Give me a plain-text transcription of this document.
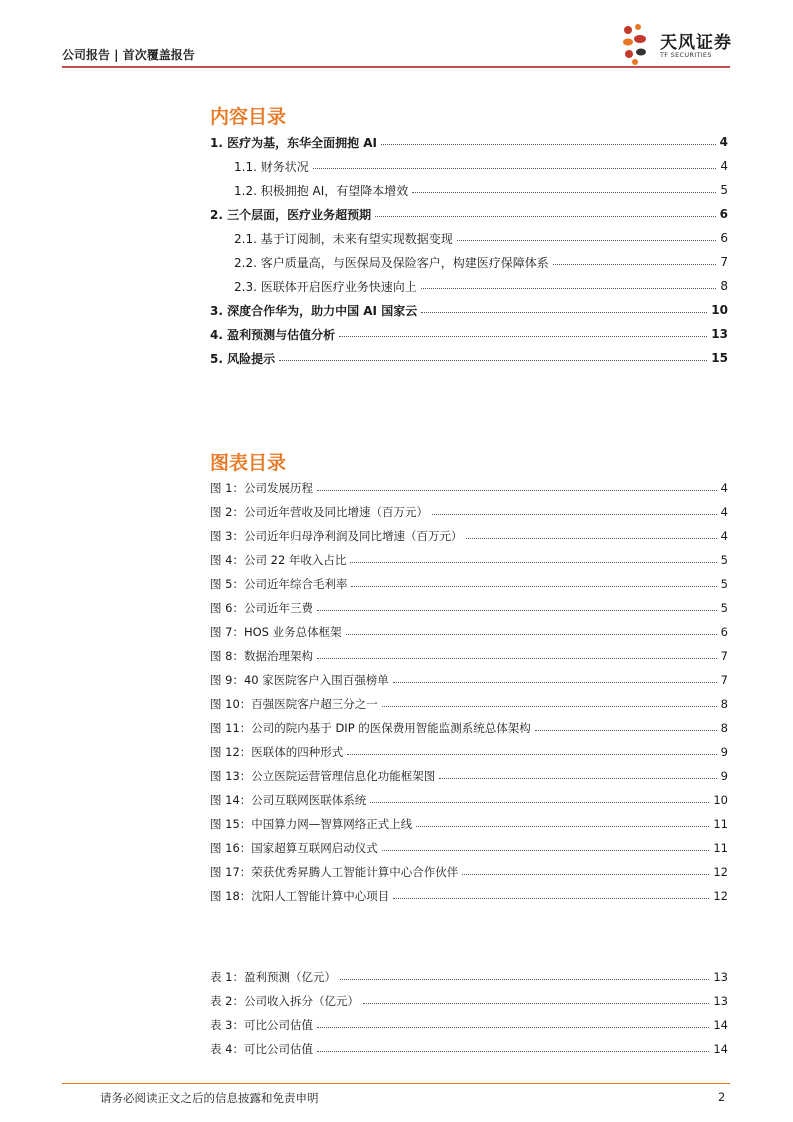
公司报告 | 首次覆盖报告
天风证券
TF SECURITIES
内容目录
1. 医疗为基，东华全面拥抱 AI	4
1.1. 财务状况	4
1.2. 积极拥抱 AI，有望降本增效	5
2. 三个层面，医疗业务超预期	6
2.1. 基于订阅制，未来有望实现数据变现	6
2.2. 客户质量高，与医保局及保险客户，构建医疗保障体系	7
2.3. 医联体开启医疗业务快速向上	8
3. 深度合作华为，助力中国 AI 国家云	10
4. 盈利预测与估值分析	13
5. 风险提示	15
图表目录
图 1：公司发展历程	4
图 2：公司近年营收及同比增速（百万元）	4
图 3：公司近年归母净利润及同比增速（百万元）	4
图 4：公司 22 年收入占比	5
图 5：公司近年综合毛利率	5
图 6：公司近年三费	5
图 7：HOS 业务总体框架	6
图 8：数据治理架构	7
图 9：40 家医院客户入围百强榜单	7
图 10：百强医院客户超三分之一	8
图 11：公司的院内基于 DIP 的医保费用智能监测系统总体架构	8
图 12：医联体的四种形式	9
图 13：公立医院运营管理信息化功能框架图	9
图 14：公司互联网医联体系统	10
图 15：中国算力网—智算网络正式上线	11
图 16：国家超算互联网启动仪式	11
图 17：荣获优秀昇腾人工智能计算中心合作伙伴	12
图 18：沈阳人工智能计算中心项目	12
表 1：盈利预测（亿元）	13
表 2：公司收入拆分（亿元）	13
表 3：可比公司估值	14
表 4：可比公司估值	14
请务必阅读正文之后的信息披露和免责申明	2
